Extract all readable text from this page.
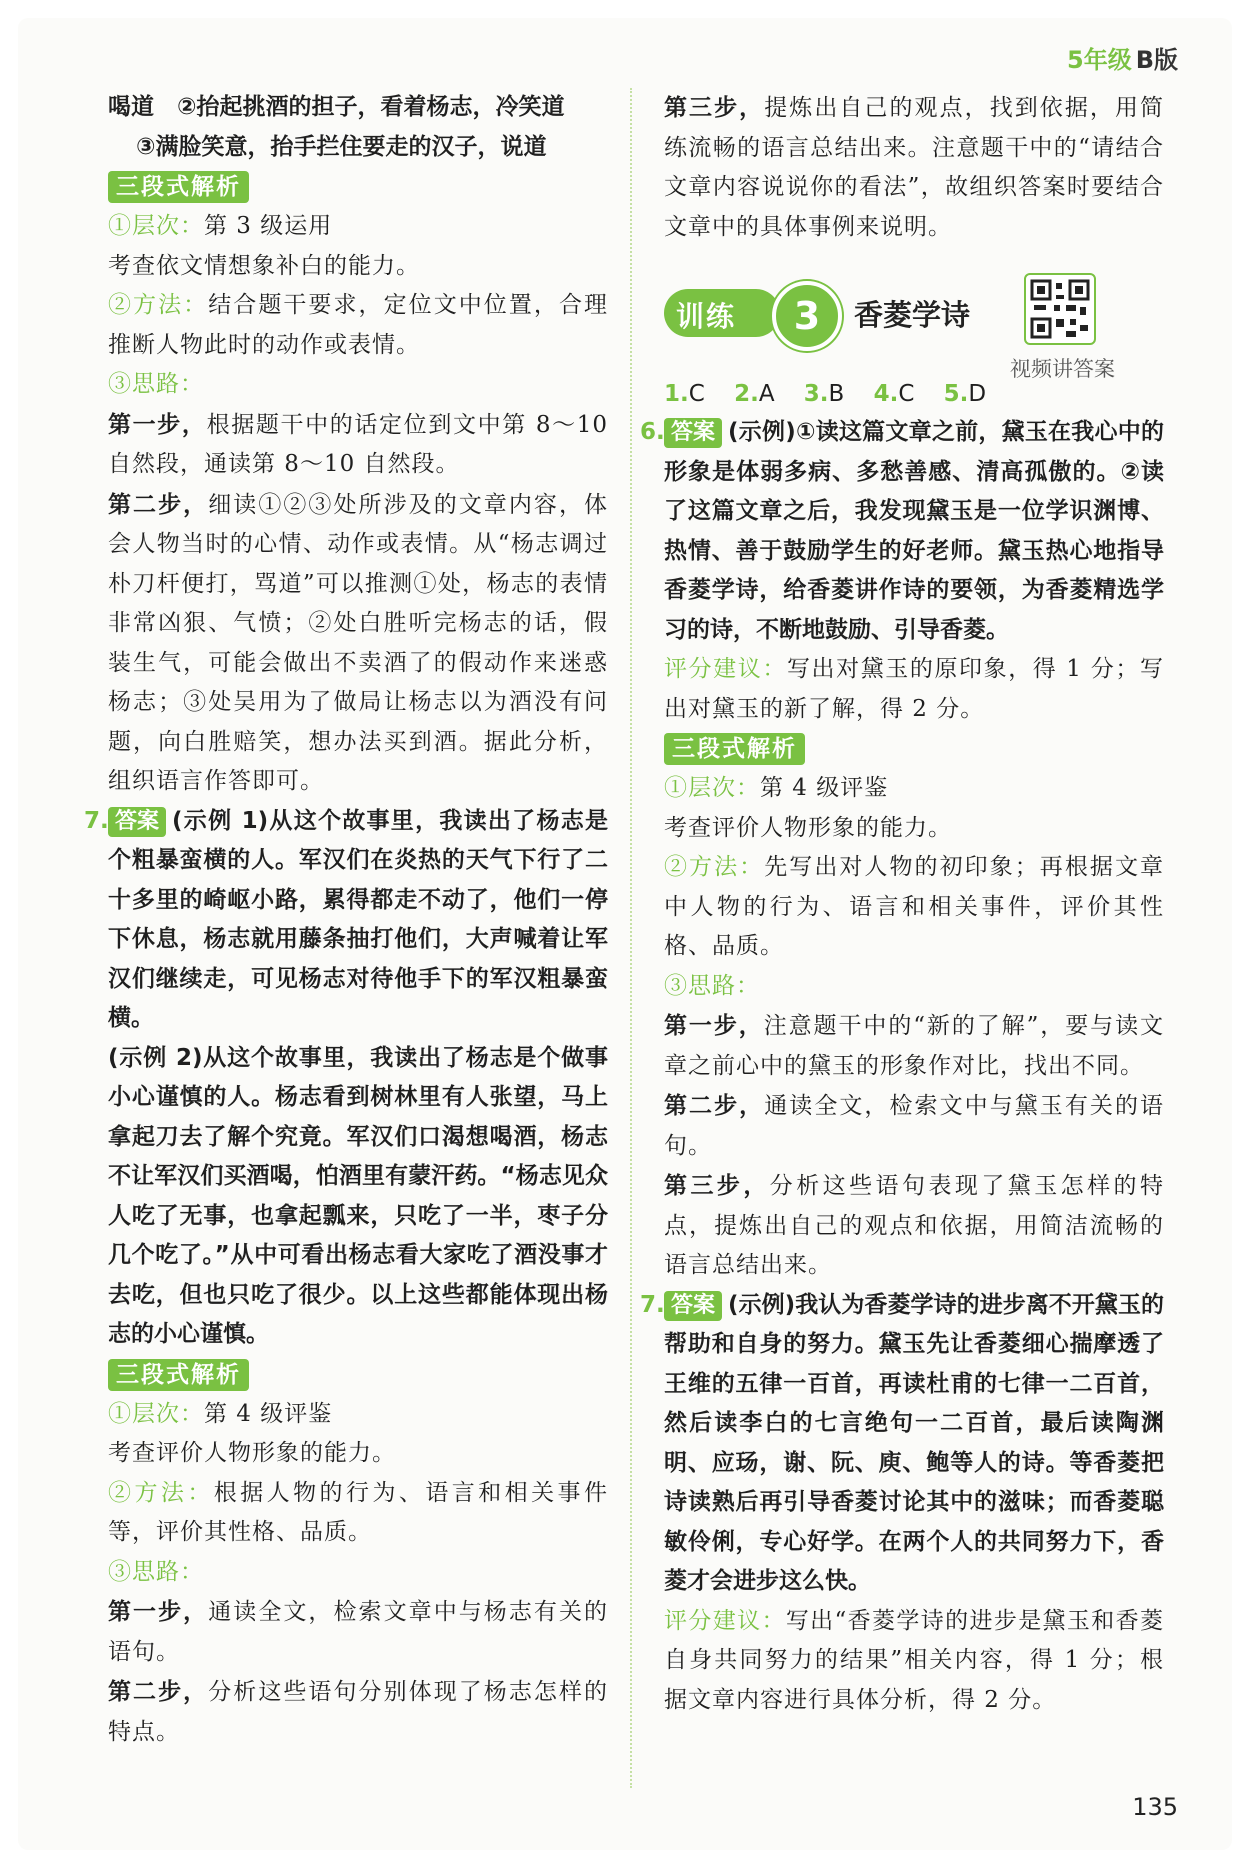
5年级 B版

喝道　②抬起挑酒的担子，看着杨志，冷笑道

③满脸笑意，抬手拦住要走的汉子，说道

三段式解析

①层次：第 3 级运用

考查依文情想象补白的能力。

②方法：结合题干要求，定位文中位置，合理推断人物此时的动作或表情。

③思路：

第一步，根据题干中的话定位到文中第 8～10 自然段，通读第 8～10 自然段。

第二步，细读①②③处所涉及的文章内容，体会人物当时的心情、动作或表情。从“杨志调过朴刀杆便打，骂道”可以推测①处，杨志的表情非常凶狠、气愤；②处白胜听完杨志的话，假装生气，可能会做出不卖酒了的假动作来迷惑杨志；③处吴用为了做局让杨志以为酒没有问题，向白胜赔笑，想办法买到酒。据此分析，组织语言作答即可。

7. 答案 (示例 1)从这个故事里，我读出了杨志是个粗暴蛮横的人。军汉们在炎热的天气下行了二十多里的崎岖小路，累得都走不动了，他们一停下休息，杨志就用藤条抽打他们，大声喊着让军汉们继续走，可见杨志对待他手下的军汉粗暴蛮横。

(示例 2)从这个故事里，我读出了杨志是个做事小心谨慎的人。杨志看到树林里有人张望，马上拿起刀去了解个究竟。军汉们口渴想喝酒，杨志不让军汉们买酒喝，怕酒里有蒙汗药。“杨志见众人吃了无事，也拿起瓢来，只吃了一半，枣子分几个吃了。”从中可看出杨志看大家吃了酒没事才去吃，但也只吃了很少。以上这些都能体现出杨志的小心谨慎。

三段式解析

①层次：第 4 级评鉴

考查评价人物形象的能力。

②方法：根据人物的行为、语言和相关事件等，评价其性格、品质。

③思路：

第一步，通读全文，检索文章中与杨志有关的语句。

第二步，分析这些语句分别体现了杨志怎样的特点。

第三步，提炼出自己的观点，找到依据，用简练流畅的语言总结出来。注意题干中的“请结合文章内容说说你的看法”，故组织答案时要结合文章中的具体事例来说明。

训练	3	香菱学诗
视频讲答案

1.C 2.A 3.B 4.C 5.D

6. 答案 (示例)①读这篇文章之前，黛玉在我心中的形象是体弱多病、多愁善感、清高孤傲的。②读了这篇文章之后，我发现黛玉是一位学识渊博、热情、善于鼓励学生的好老师。黛玉热心地指导香菱学诗，给香菱讲作诗的要领，为香菱精选学习的诗，不断地鼓励、引导香菱。

评分建议：写出对黛玉的原印象，得 1 分；写出对黛玉的新了解，得 2 分。

三段式解析

①层次：第 4 级评鉴

考查评价人物形象的能力。

②方法：先写出对人物的初印象；再根据文章中人物的行为、语言和相关事件，评价其性格、品质。

③思路：

第一步，注意题干中的“新的了解”，要与读文章之前心中的黛玉的形象作对比，找出不同。

第二步，通读全文，检索文中与黛玉有关的语句。

第三步，分析这些语句表现了黛玉怎样的特点，提炼出自己的观点和依据，用简洁流畅的语言总结出来。

7. 答案 (示例)我认为香菱学诗的进步离不开黛玉的帮助和自身的努力。黛玉先让香菱细心揣摩透了王维的五律一百首，再读杜甫的七律一二百首，然后读李白的七言绝句一二百首，最后读陶渊明、应玚，谢、阮、庾、鲍等人的诗。等香菱把诗读熟后再引导香菱讨论其中的滋味；而香菱聪敏伶俐，专心好学。在两个人的共同努力下，香菱才会进步这么快。

评分建议：写出“香菱学诗的进步是黛玉和香菱自身共同努力的结果”相关内容，得 1 分；根据文章内容进行具体分析，得 2 分。

135
